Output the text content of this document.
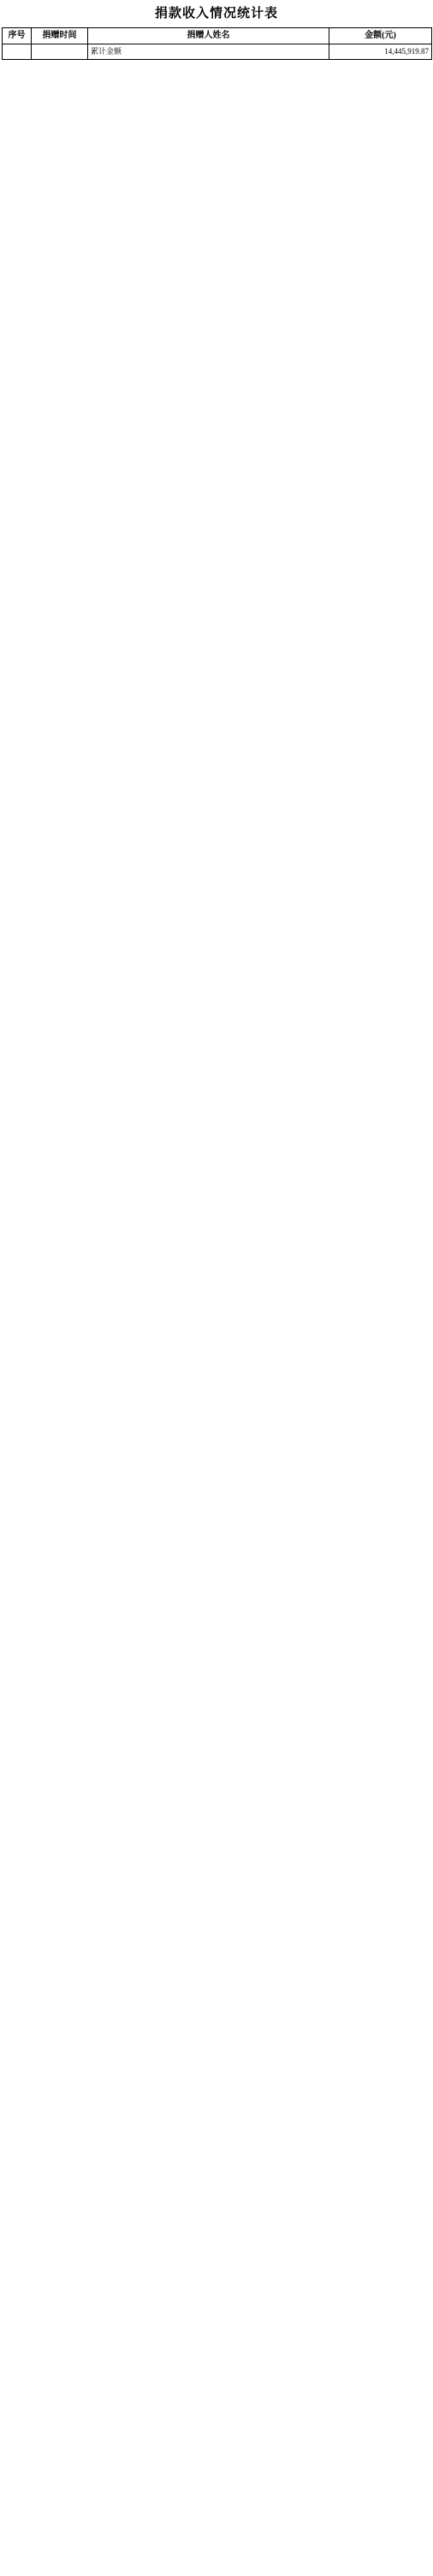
捐款收入情况统计表
序号	捐赠时间	捐赠人姓名	金额(元)
		累计金额	14,445,919.87
